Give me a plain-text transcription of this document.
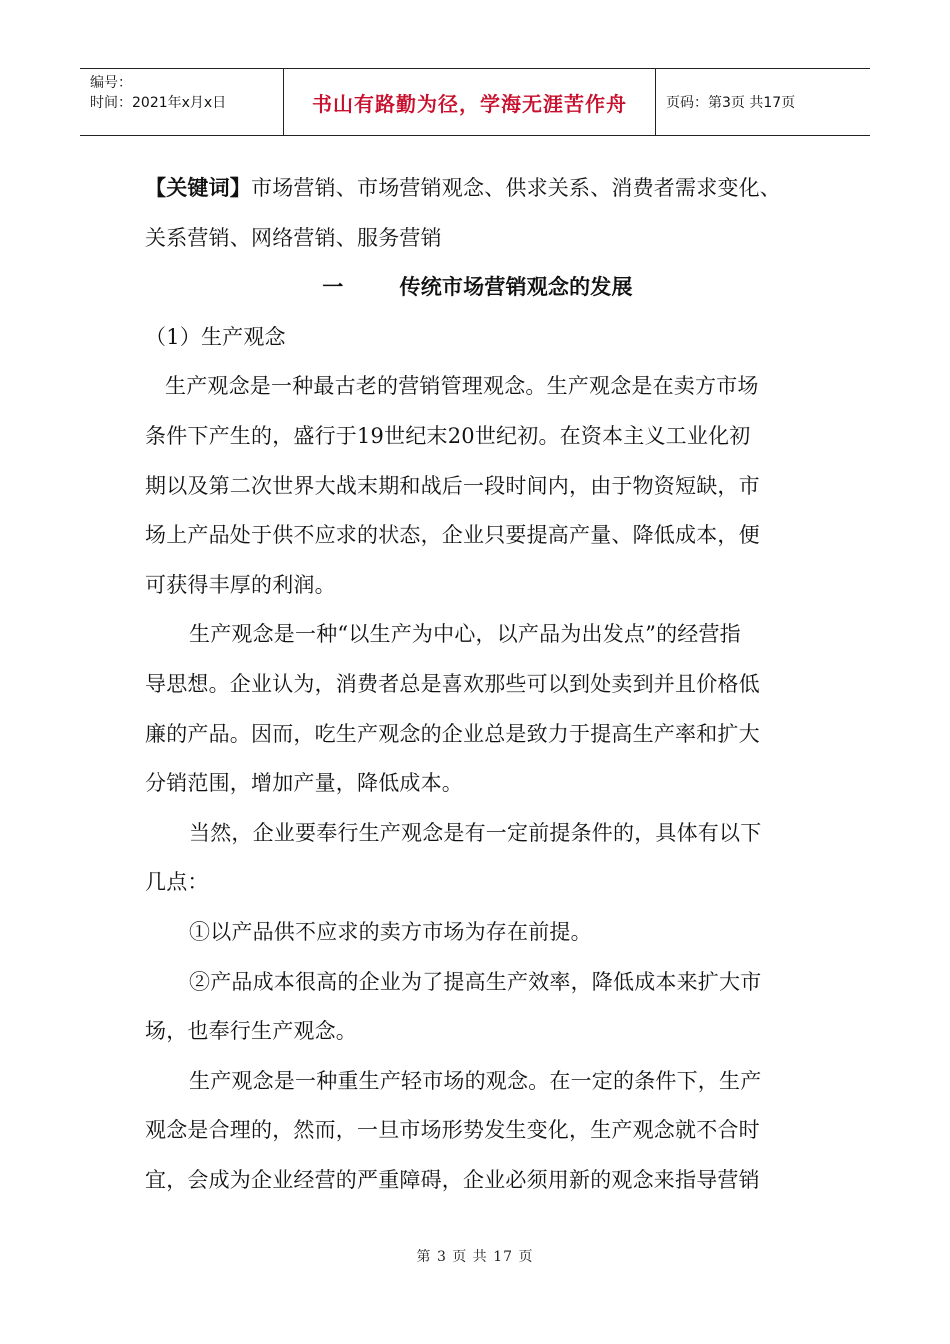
编号：
时间：2021年x月x日	书山有路勤为径，学海无涯苦作舟	页码：第3页 共17页

【关键词】市场营销、市场营销观念、供求关系、消费者需求变化、

关系营销、网络营销、服务营销

一	传统市场营销观念的发展

（1）生产观念

生产观念是一种最古老的营销管理观念。生产观念是在卖方市场

条件下产生的，盛行于19世纪末20世纪初。在资本主义工业化初

期以及第二次世界大战末期和战后一段时间内，由于物资短缺，市

场上产品处于供不应求的状态，企业只要提高产量、降低成本，便

可获得丰厚的利润。

生产观念是一种“以生产为中心，以产品为出发点”的经营指

导思想。企业认为，消费者总是喜欢那些可以到处卖到并且价格低

廉的产品。因而，吃生产观念的企业总是致力于提高生产率和扩大

分销范围，增加产量，降低成本。

当然，企业要奉行生产观念是有一定前提条件的，具体有以下

几点：

①以产品供不应求的卖方市场为存在前提。

②产品成本很高的企业为了提高生产效率，降低成本来扩大市

场，也奉行生产观念。

生产观念是一种重生产轻市场的观念。在一定的条件下，生产

观念是合理的，然而，一旦市场形势发生变化，生产观念就不合时

宜，会成为企业经营的严重障碍，企业必须用新的观念来指导营销

第 3 页 共 17 页
